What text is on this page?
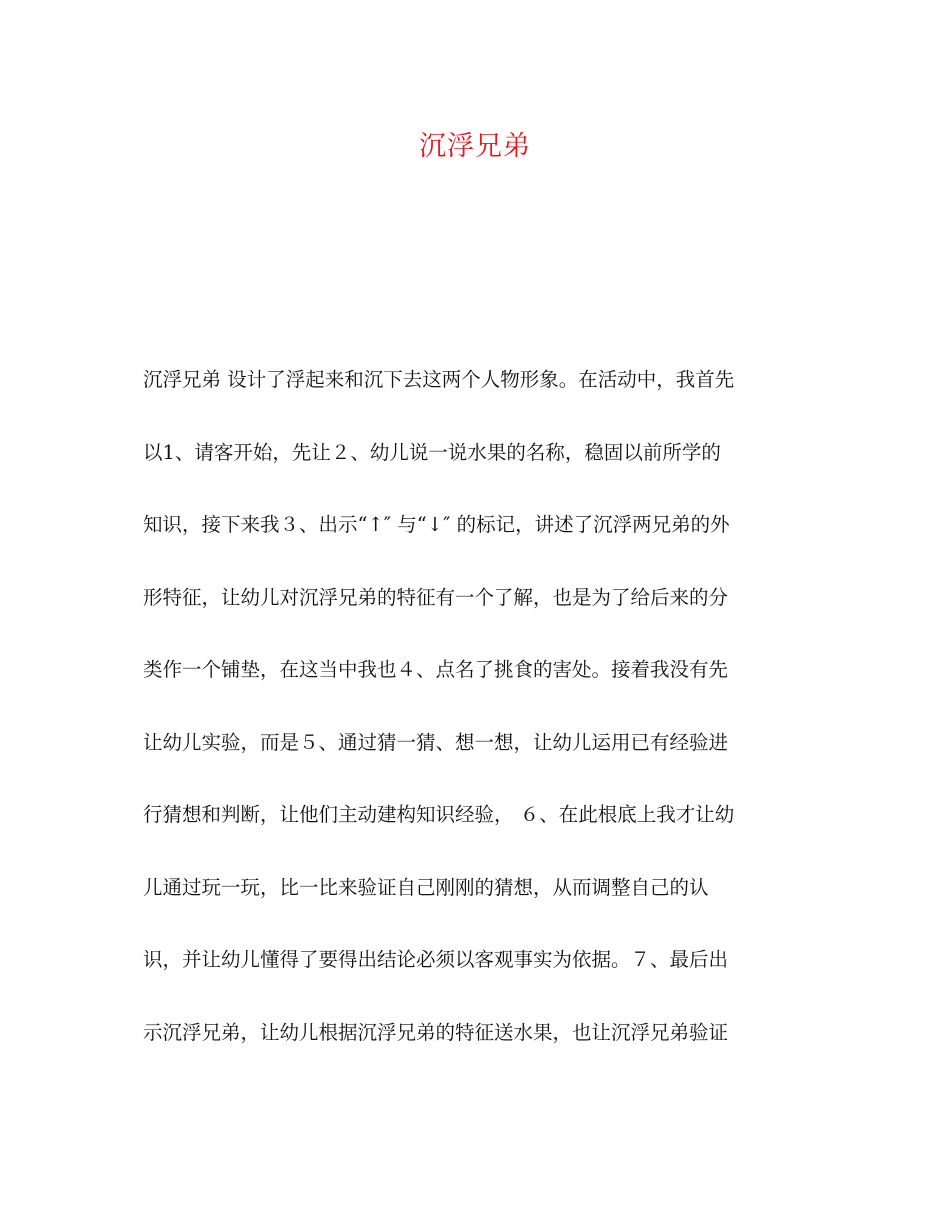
沉浮兄弟
沉浮兄弟 设计了浮起来和沉下去这两个人物形象。在活动中，我首先
以1、请客开始，先让２、幼儿说一说水果的名称，稳固以前所学的
知识，接下来我３、出示“↑″ 与“↓″ 的标记，讲述了沉浮两兄弟的外
形特征，让幼儿对沉浮兄弟的特征有一个了解，也是为了给后来的分
类作一个铺垫，在这当中我也４、点名了挑食的害处。接着我没有先
让幼儿实验，而是５、通过猜一猜、想一想，让幼儿运用已有经验进
行猜想和判断，让他们主动建构知识经验， ６、在此根底上我才让幼
儿通过玩一玩，比一比来验证自己刚刚的猜想，从而调整自己的认
识，并让幼儿懂得了要得出结论必须以客观事实为依据。７、最后出
示沉浮兄弟，让幼儿根据沉浮兄弟的特征送水果，也让沉浮兄弟验证
